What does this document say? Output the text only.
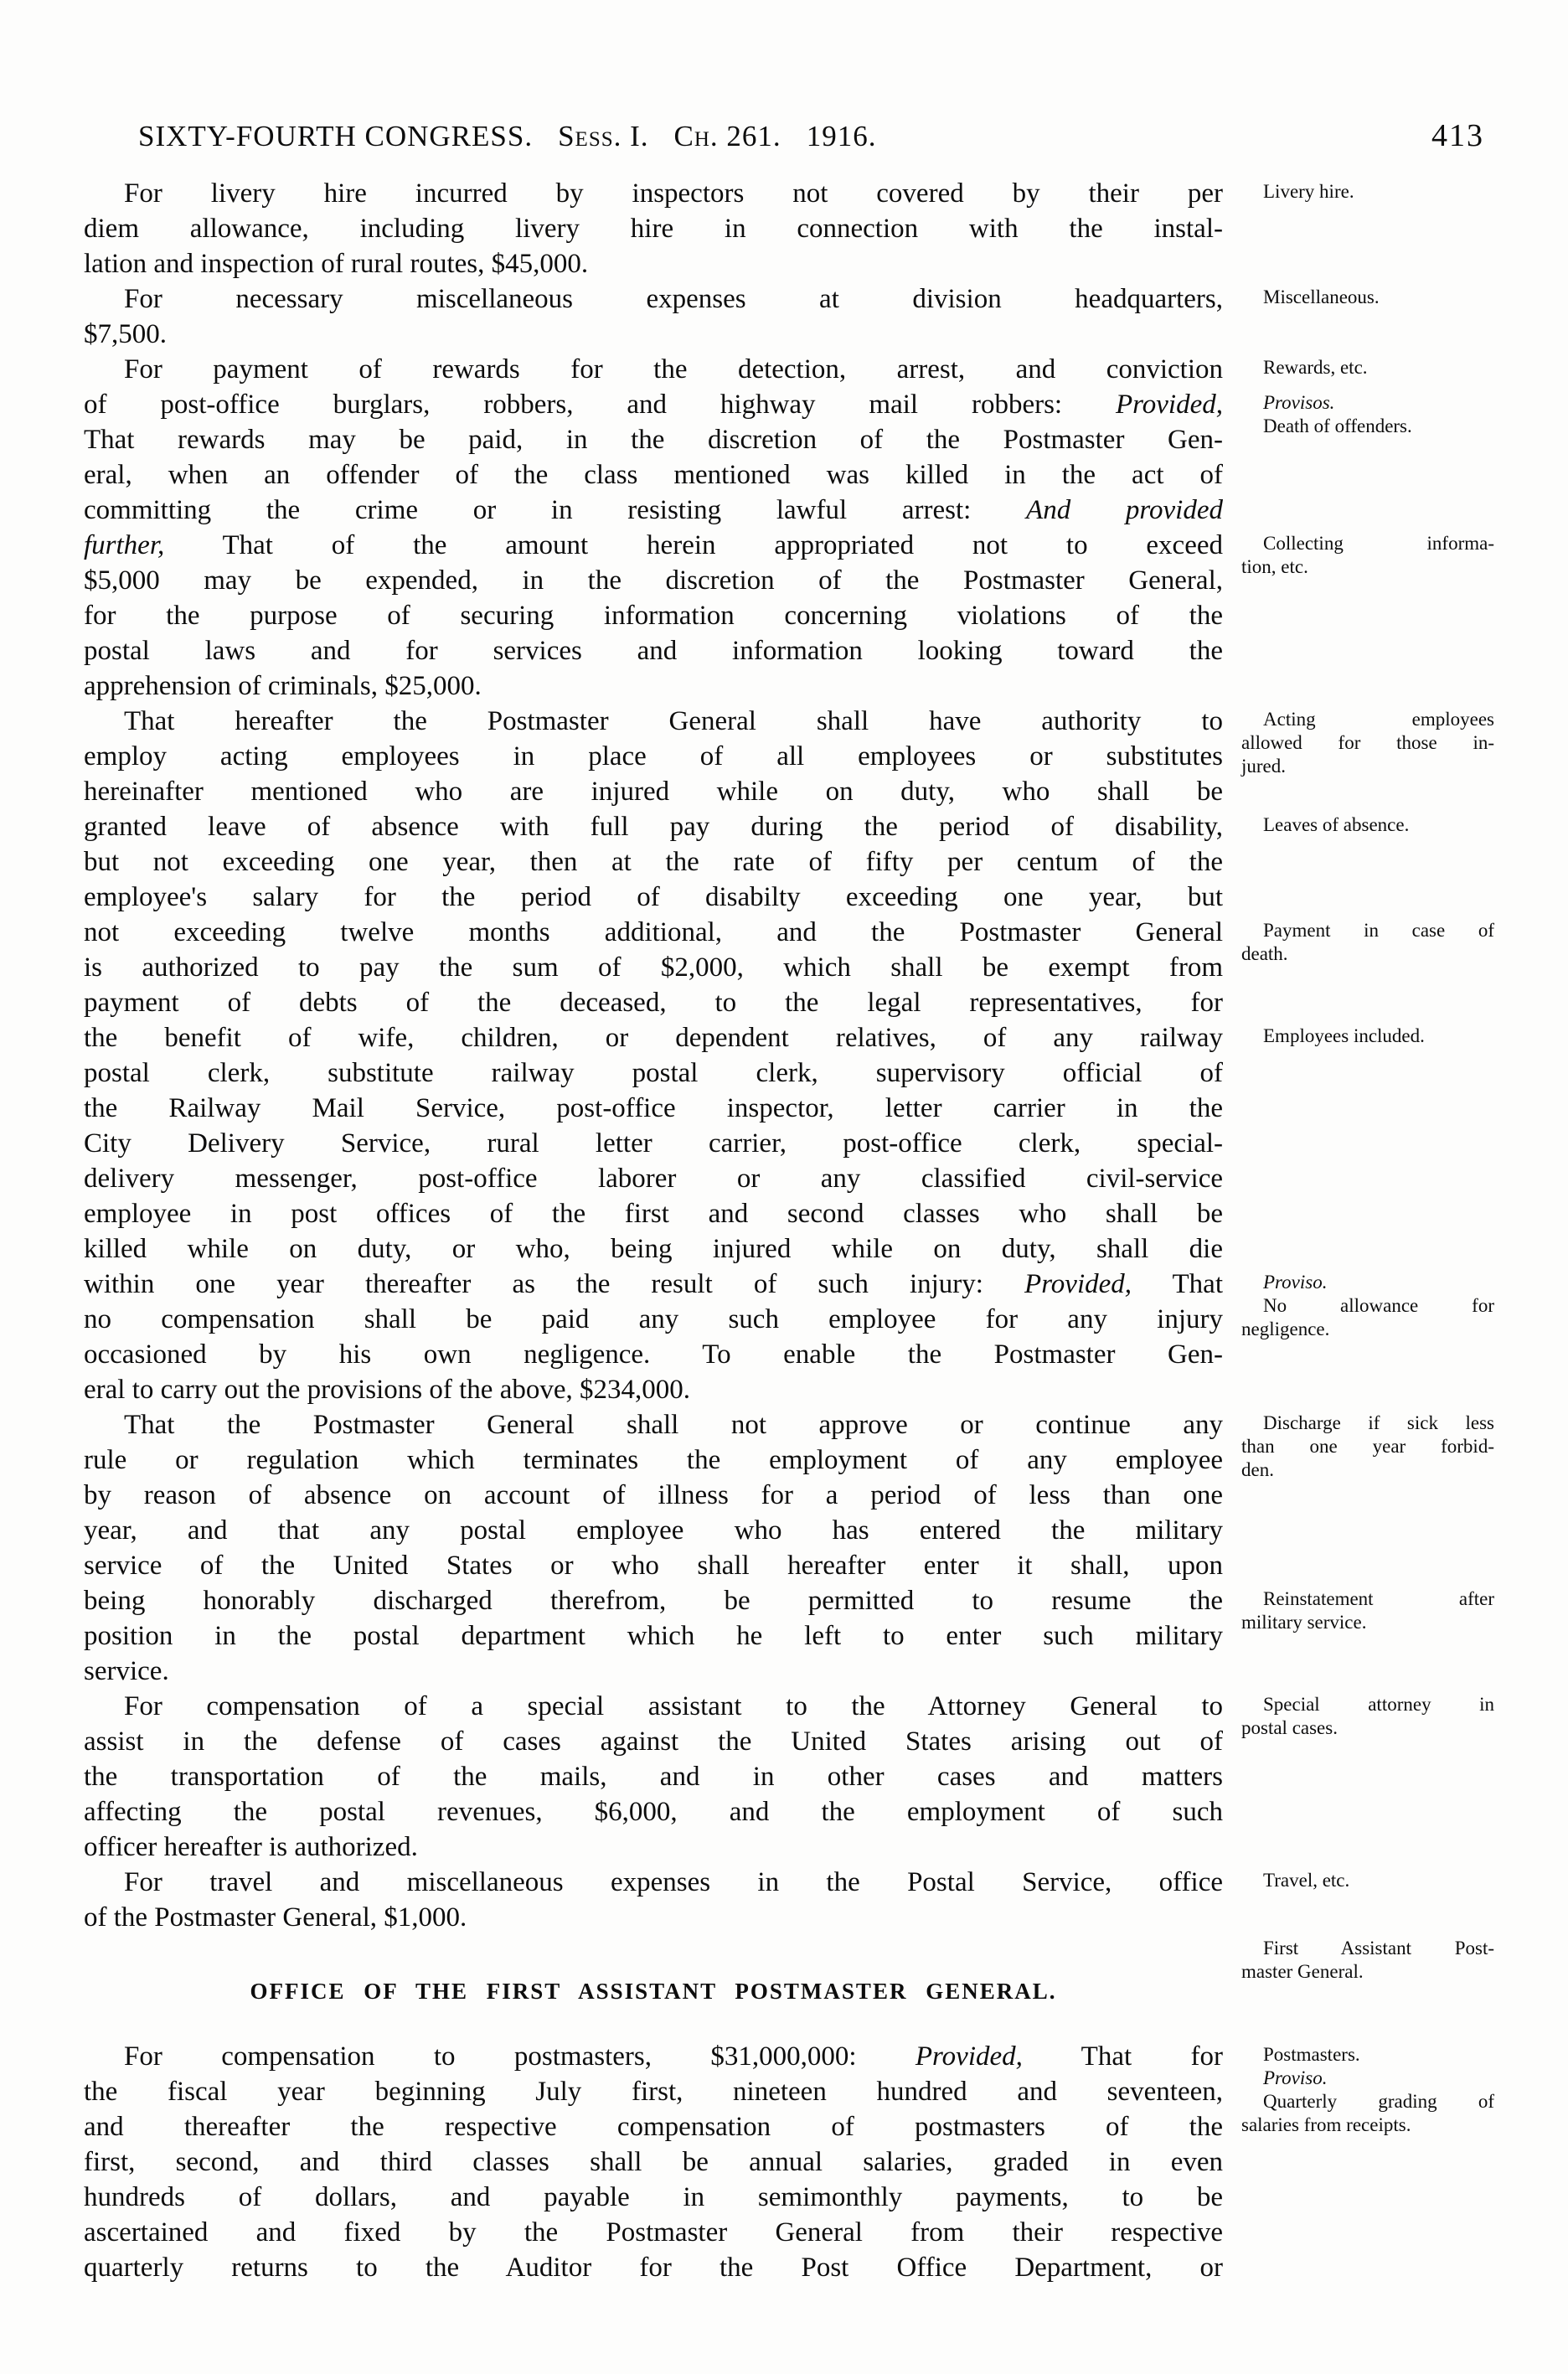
SIXTY-FOURTH CONGRESS. Sess. I. Ch. 261. 1916.	413
For livery hire incurred by inspectors not covered by their per
diem allowance, including livery hire in connection with the instal-
lation and inspection of rural routes, $45,000.
For necessary miscellaneous expenses at division headquarters,
$7,500.
For payment of rewards for the detection, arrest, and conviction
of post-office burglars, robbers, and highway mail robbers: Provided,
That rewards may be paid, in the discretion of the Postmaster Gen-
eral, when an offender of the class mentioned was killed in the act of
committing the crime or in resisting lawful arrest: And provided
further, That of the amount herein appropriated not to exceed
$5,000 may be expended, in the discretion of the Postmaster General,
for the purpose of securing information concerning violations of the
postal laws and for services and information looking toward the
apprehension of criminals, $25,000.
That hereafter the Postmaster General shall have authority to
employ acting employees in place of all employees or substitutes
hereinafter mentioned who are injured while on duty, who shall be
granted leave of absence with full pay during the period of disability,
but not exceeding one year, then at the rate of fifty per centum of the
employee's salary for the period of disabilty exceeding one year, but
not exceeding twelve months additional, and the Postmaster General
is authorized to pay the sum of $2,000, which shall be exempt from
payment of debts of the deceased, to the legal representatives, for
the benefit of wife, children, or dependent relatives, of any railway
postal clerk, substitute railway postal clerk, supervisory official of
the Railway Mail Service, post-office inspector, letter carrier in the
City Delivery Service, rural letter carrier, post-office clerk, special-
delivery messenger, post-office laborer or any classified civil-service
employee in post offices of the first and second classes who shall be
killed while on duty, or who, being injured while on duty, shall die
within one year thereafter as the result of such injury: Provided, That
no compensation shall be paid any such employee for any injury
occasioned by his own negligence. To enable the Postmaster Gen-
eral to carry out the provisions of the above, $234,000.
That the Postmaster General shall not approve or continue any
rule or regulation which terminates the employment of any employee
by reason of absence on account of illness for a period of less than one
year, and that any postal employee who has entered the military
service of the United States or who shall hereafter enter it shall, upon
being honorably discharged therefrom, be permitted to resume the
position in the postal department which he left to enter such military
service.
For compensation of a special assistant to the Attorney General to
assist in the defense of cases against the United States arising out of
the transportation of the mails, and in other cases and matters
affecting the postal revenues, $6,000, and the employment of such
officer hereafter is authorized.
For travel and miscellaneous expenses in the Postal Service, office
of the Postmaster General, $1,000.
OFFICE OF THE FIRST ASSISTANT POSTMASTER GENERAL.
For compensation to postmasters, $31,000,000: Provided, That for
the fiscal year beginning July first, nineteen hundred and seventeen,
and thereafter the respective compensation of postmasters of the
first, second, and third classes shall be annual salaries, graded in even
hundreds of dollars, and payable in semimonthly payments, to be
ascertained and fixed by the Postmaster General from their respective
quarterly returns to the Auditor for the Post Office Department, or
Livery hire.
Miscellaneous.
Rewards, etc.
Provisos.
Death of offenders.
Collecting informa-
tion, etc.
Acting employees
allowed for those in-
jured.
Leaves of absence.
Payment in case of
death.
Employees included.
Proviso.
No allowance for
negligence.
Discharge if sick less
than one year forbid-
den.
Reinstatement after
military service.
Special attorney in
postal cases.
Travel, etc.
First Assistant Post-
master General.
Postmasters.
Proviso.
Quarterly grading of
salaries from receipts.
